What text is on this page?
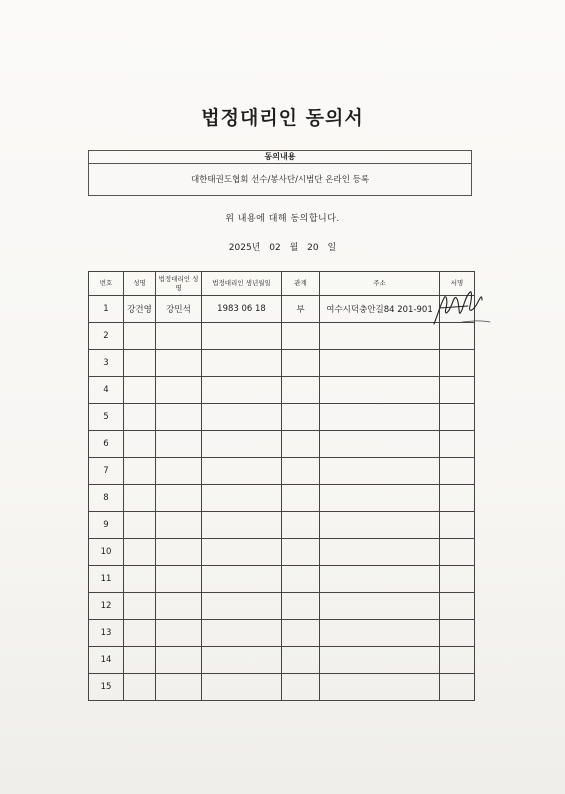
법정대리인 동의서
동의내용
대한태권도협회 선수/봉사단/시범단 온라인 등록
위 내용에 대해 동의합니다.
2025년 02 월 20 일
번호	성명	법정대리인 성명	법정대리인 생년월일	관계	주소	서명
1	강건영	강민석	1983 06 18	부	여수시덕충안길84 201-901	
2						
3						
4						
5						
6						
7						
8						
9						
10						
11						
12						
13						
14						
15						
